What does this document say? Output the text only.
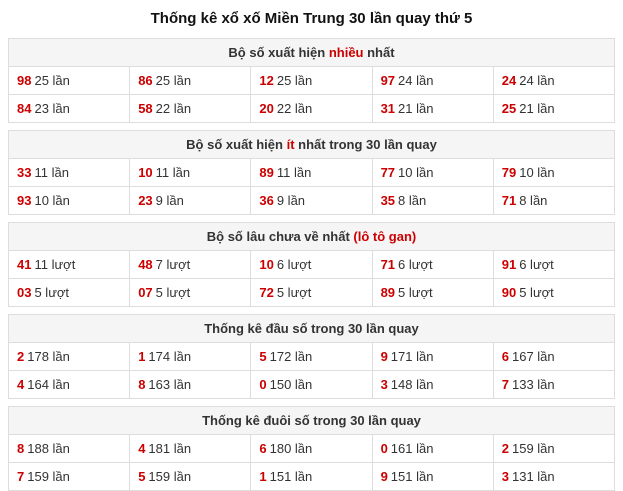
Thống kê xổ xố Miền Trung 30 lần quay thứ 5
Bộ số xuất hiện nhiều nhất				
98 25 lần	86 25 lần	12 25 lần	97 24 lần	24 24 lần
84 23 lần	58 22 lần	20 22 lần	31 21 lần	25 21 lần
Bộ số xuất hiện ít nhất trong 30 lần quay				
33 11 lần	10 11 lần	89 11 lần	77 10 lần	79 10 lần
93 10 lần	23 9 lần	36 9 lần	35 8 lần	71 8 lần
Bộ số lâu chưa về nhất (lô tô gan)				
41 11 lượt	48 7 lượt	10 6 lượt	71 6 lượt	91 6 lượt
03 5 lượt	07 5 lượt	72 5 lượt	89 5 lượt	90 5 lượt
Thống kê đầu số trong 30 lần quay				
2 178 lần	1 174 lần	5 172 lần	9 171 lần	6 167 lần
4 164 lần	8 163 lần	0 150 lần	3 148 lần	7 133 lần
Thống kê đuôi số trong 30 lần quay				
8 188 lần	4 181 lần	6 180 lần	0 161 lần	2 159 lần
7 159 lần	5 159 lần	1 151 lần	9 151 lần	3 131 lần
